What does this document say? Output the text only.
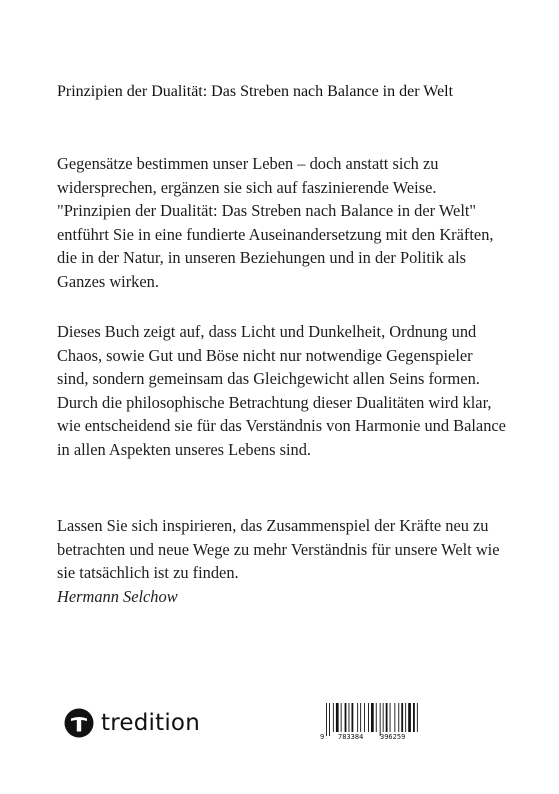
Prinzipien der Dualität: Das Streben nach Balance in der Welt
Gegensätze bestimmen unser Leben – doch anstatt sich zu widersprechen, ergänzen sie sich auf faszinierende Weise. "Prinzipien der Dualität: Das Streben nach Balance in der Welt" entführt Sie in eine fundierte Auseinandersetzung mit den Kräften, die in der Natur, in unseren Beziehungen und in der Politik als Ganzes wirken.
Dieses Buch zeigt auf, dass Licht und Dunkelheit, Ordnung und Chaos, sowie Gut und Böse nicht nur notwendige Gegenspieler sind, sondern gemeinsam das Gleichgewicht allen Seins formen. Durch die philosophische Betrachtung dieser Dualitäten wird klar, wie entscheidend sie für das Verständnis von Harmonie und Balance in allen Aspekten unseres Lebens sind.
Lassen Sie sich inspirieren, das Zusammenspiel der Kräfte neu zu betrachten und neue Wege zu mehr Verständnis für unsere Welt wie sie tatsächlich ist zu finden.
Hermann Selchow
tredition
9 783384 396259
